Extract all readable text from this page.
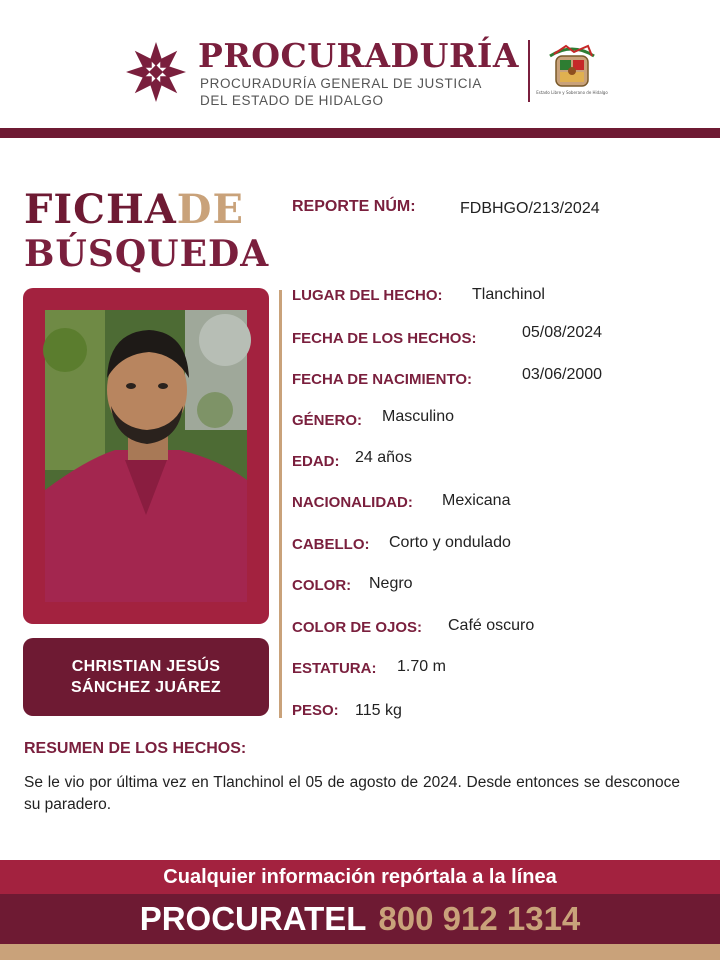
PROCURADURÍA
PROCURADURÍA GENERAL DE JUSTICIA
DEL ESTADO DE HIDALGO
Estado Libre y Soberano de Hidalgo
FICHADE
BÚSQUEDA
CHRISTIAN JESÚS
SÁNCHEZ JUÁREZ
REPORTE NÚM:	FDBHGO/213/2024
LUGAR DEL HECHO: Tlanchinol
FECHA DE LOS HECHOS:	05/08/2024
FECHA DE NACIMIENTO:	03/06/2000
GÉNERO: Masculino
EDAD: 24 años
NACIONALIDAD: Mexicana
CABELLO: Corto y ondulado
COLOR: Negro
COLOR DE OJOS: Café oscuro
ESTATURA: 1.70 m
PESO: 115 kg
RESUMEN DE LOS HECHOS:
Se le vio por última vez en Tlanchinol el 05 de agosto de 2024. Desde entonces se desconoce su paradero.
Cualquier información repórtala a la línea
PROCURATEL 800 912 1314
